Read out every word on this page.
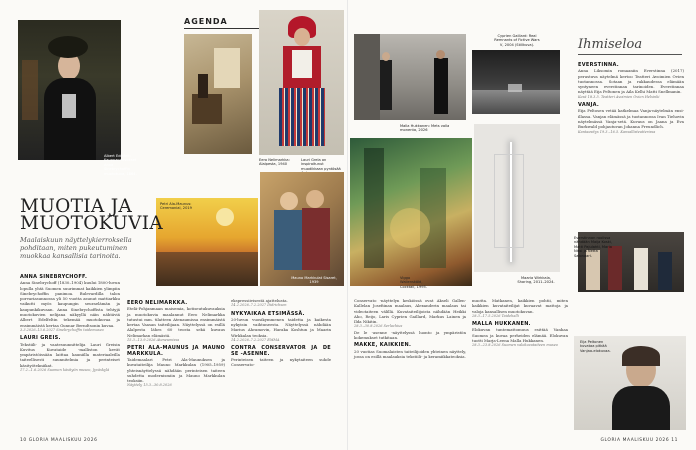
Albert Edelfelt: Kauppaneuvokset Anna Sinebrychoffin muotokuva, 1864.
AGENDA
Eero Nelimarkka: Alalpesta, 1940
Lauri Grela on inspiroitunut muodikkaan pyntösää
Petri Ala-Maunus: Ceremonial, 2019
Mauno Markkulat Sisaret, 1939
MUOTIA JA
MUOTOKUVIA
Maalaiskuun näyttelykierroksella pohditaan, miten pukeutuminen muokkaa kansallisia tarinoita.
ANNA SINEBRYCHOFF.
Anna Sinebrychoff (1830–1904) kuului 1800-luvun lopulla yhtä Suomen suurimmat kaikkien ylimpiin Sinebrychoffin panimoa. Bulevardilla talon porvariasunnossa yli 50 vuotta asunut mattiarkku vaikutti myös kaupungin seuraelämän ja kaupunkikuvaan. Anna Sinebrychoffista tehtyjä muotokuvien nelijana näkyyllä näin nähtäviä Albert Edelfeltin tekemää muotokuvaa ja ensimmäistä kertaa Gunnar Berndtsonin kuvaa.
3.3.2026–13.6.2027 Sinebrychoffin taidemuseo
LAURI GREIS.
Tekstiili- ja vaatesuunnittelija Lauri Greisin Kuvitus Kuvataide -malliston kevät ympäristöissään laittaa kauniilla materiaaleilla taiteellisesti suunnitelmia ja perinteiset käsityötekniikat.
17.2.–1.6.2026 Suomen käsityön museo, Jyväskylä
EERO NELIMARKKA.
Etelä-Pohjanmaan maisemia, kotiseutukuvauksia ja muotokuvia maalannut Eero Nelimarkka tutustui mm. tilatteen Atenaumissa ensimmäistä kertaa Vaasan taiteilijaan. Näyttelyssä on esillä Alalpesta lähes 60 teosta sekä kuvaus Nelimarkan elämästä.
15.3.–13.9.2026 Ateneumissa
PETRI ALA-MAUNUS JA MAUNO MARKKULA.
Taidemaalari Petri Ala-Maunuksen ja kuvataiteilija Mauno Markkulan (1905–1959) yhteisnäyttelyssä nähdään perinteisen taiteen suhdetta modernismiin ja Mauno Markkulan teoksiin.
Näyttely 15.3.–30.8.2026
ekspressiivisestä ajattelusta.
14.2.2026–7.2.2027 Didrichsen
NYKYAIKAA ETSIMÄSSÄ.
20-luvun vuosikymmenen taidetta ja kaikesta nykyisin vaihtuneesta. Näyttelyssä nähdään Marius Ahramovin, Haraka Koshtun ja Maarin Wirkkalan teoksia.
14.2.2026–7.2.2027 EMMA
CONTRA CONSERVATOR JA DE SE -ASENNE.
Perinteisen taiteen ja nykytaiteen suhde Conservato-
10 GLORIA MAALISKUU 2026
Malla Hukkanen: Mets valla monenta, 2026
Cyprien Gaillard: Real Remnants of Fictive Wars V, 2004 (Stillkuva).
Viggo Wallensköld, Cocktail, 1995.
Maaria Wirkkala, Sharing, 2011–2024.
Ihmiseloa
EVERSTINNA.
Anna Liksomin romaaniin Everstinna (2017) perustuva näytelmä kertoo Teatteri Avoimien Ovien tuotannossa. Sotaan ja rakkaudessa elämään syntyneen everstinnan tarinoiden. Everstinnaa näyttää Eija Peltonen ja Aila Kelhi Matti Snellmanin.
Kesä 18.3.5. Teatteri Avoimien Ovien Helsinki
VANJA.
Eija Peltosen vetää katkelmaa Vanja-näytelmän ensi-illassa. Vanjan elämässä ja tuotannossa Ivan Tiehovin näytelmässä Vanja-setä. Kuvaus on Jaana ja Eva Burkwald pohjautuvan Johanna Freundlich.
Kantaesitys 19.3.–16.5. Kansallisteatterissa
Everstinnan roolissa nähdään Maija Koski, Matti Pajulahti, Maria Nissi ja Netta Salonaari.
Conservato -näyttelyn keskiössä ovat Akseli Gallen-Kallelan Josefiinan maalaus, Alexanderin maalaus tai videotaiteen välillä. Kuvataiteilijoista nähdään Heikki Aho, Reijo, Laris Cyprien Gaillard, Markus Lainen ja Ilda Nikitin.
28.3.–30.8.2026 Serlachius
De le -asenne -näyttelyssä luonto ja ympäristön kokemukset tutkitaan.
MAKKE, KAIKKIEN.
20 vuotias Suomalaisten taiteilijoiden yhteinen näyttely, jossa on esillä maalauksia tekstiili- ja keramiikkateoksia.
muotta. Matkanen, kaikkien pohtii, miten kaikkien kuvataiteilijat kuvaavat mattoja ja valoja kansallisen muotokuvan.
28.3.–17.5.2026 Taidehalli
MALLA HUKKANEN.
Elokuvan tuntemattomuus esittää Vanhaa Suomea ja kuvaa perheiden elämää. Elokuvan tuotti Marja-Leena Malla Hukkanen.
28.3.–23.8.2026 Suomen valokuvataiteen museo
Eija Peltonen kuvataa pitkää Vanjaa-elokuvaa.
GLORIA MAALISKUU 2026 11
